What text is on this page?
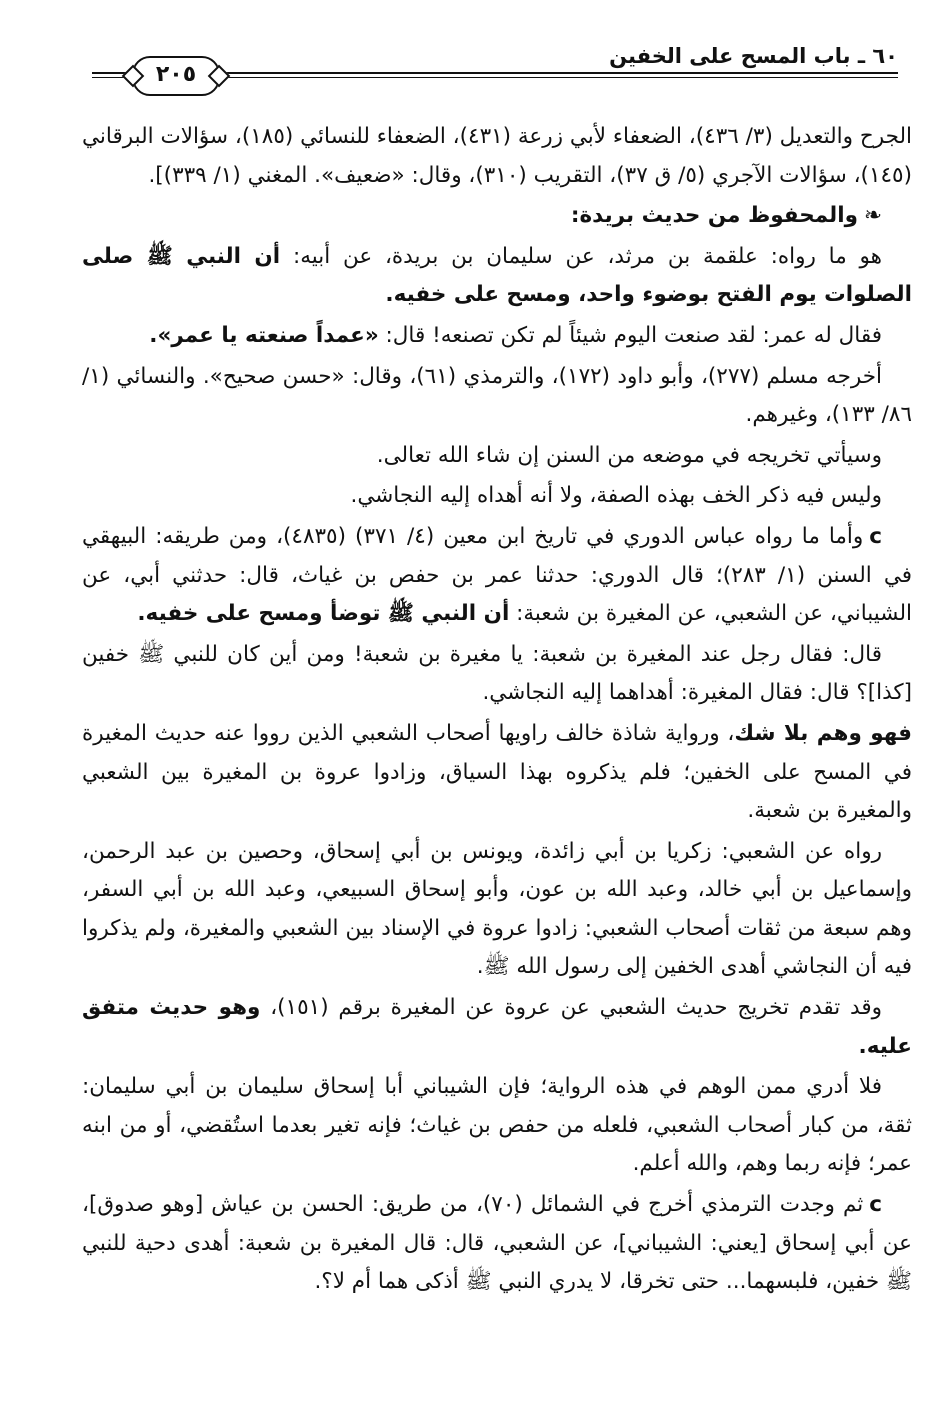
٢٠٥
٦٠ ـ باب المسح على الخفين

الجرح والتعديل (٣/ ٤٣٦)، الضعفاء لأبي زرعة (٤٣١)، الضعفاء للنسائي (١٨٥)، سؤالات البرقاني (١٤٥)، سؤالات الآجري (٥/ ق ٣٧)، التقريب (٣١٠)، وقال: «ضعيف». المغني (١/ ٣٣٩)].

❧والمحفوظ من حديث بريدة:

هو ما رواه: علقمة بن مرثد، عن سليمان بن بريدة، عن أبيه: أن النبي ﷺ صلى الصلوات يوم الفتح بوضوء واحد، ومسح على خفيه.

فقال له عمر: لقد صنعت اليوم شيئاً لم تكن تصنعه! قال: «عمداً صنعته يا عمر».

أخرجه مسلم (٢٧٧)، وأبو داود (١٧٢)، والترمذي (٦١)، وقال: «حسن صحيح». والنسائي (١/ ٨٦/ ١٣٣)، وغيرهم.

وسيأتي تخريجه في موضعه من السنن إن شاء الله تعالى.

وليس فيه ذكر الخف بهذه الصفة، ولا أنه أهداه إليه النجاشي.

ᴄوأما ما رواه عباس الدوري في تاريخ ابن معين (٤/ ٣٧١) (٤٨٣٥)، ومن طريقه: البيهقي في السنن (١/ ٢٨٣)؛ قال الدوري: حدثنا عمر بن حفص بن غياث، قال: حدثني أبي، عن الشيباني، عن الشعبي، عن المغيرة بن شعبة: أن النبي ﷺ توضأ ومسح على خفيه.

قال: فقال رجل عند المغيرة بن شعبة: يا مغيرة بن شعبة! ومن أين كان للنبي ﷺ خفين [كذا]؟ قال: فقال المغيرة: أهداهما إليه النجاشي.

فهو وهم بلا شك، ورواية شاذة خالف راويها أصحاب الشعبي الذين رووا عنه حديث المغيرة في المسح على الخفين؛ فلم يذكروه بهذا السياق، وزادوا عروة بن المغيرة بين الشعبي والمغيرة بن شعبة.

رواه عن الشعبي: زكريا بن أبي زائدة، ويونس بن أبي إسحاق، وحصين بن عبد الرحمن، وإسماعيل بن أبي خالد، وعبد الله بن عون، وأبو إسحاق السبيعي، وعبد الله بن أبي السفر، وهم سبعة من ثقات أصحاب الشعبي: زادوا عروة في الإسناد بين الشعبي والمغيرة، ولم يذكروا فيه أن النجاشي أهدى الخفين إلى رسول الله ﷺ.

وقد تقدم تخريج حديث الشعبي عن عروة عن المغيرة برقم (١٥١)، وهو حديث متفق عليه.

فلا أدري ممن الوهم في هذه الرواية؛ فإن الشيباني أبا إسحاق سليمان بن أبي سليمان: ثقة، من كبار أصحاب الشعبي، فلعله من حفص بن غياث؛ فإنه تغير بعدما استُقضي، أو من ابنه عمر؛ فإنه ربما وهم، والله أعلم.

ᴄثم وجدت الترمذي أخرج في الشمائل (٧٠)، من طريق: الحسن بن عياش [وهو صدوق]، عن أبي إسحاق [يعني: الشيباني]، عن الشعبي، قال: قال المغيرة بن شعبة: أهدى دحية للنبي ﷺ خفين، فلبسهما... حتى تخرقا، لا يدري النبي ﷺ أذكى هما أم لا؟.
